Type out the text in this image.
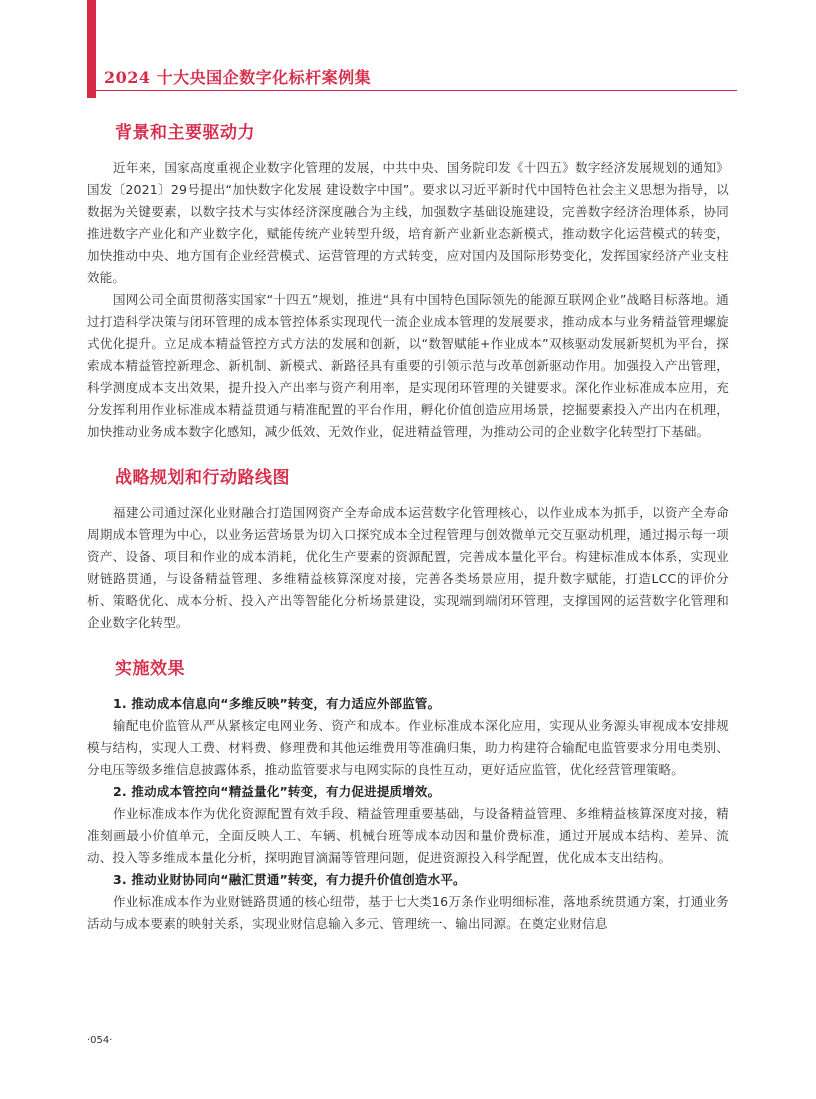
2024 十大央国企数字化标杆案例集
背景和主要驱动力

近年来，国家高度重视企业数字化管理的发展，中共中央、国务院印发《十四五》数字经济发展规划的通知》国发〔2021〕29号提出“加快数字化发展 建设数字中国”。要求以习近平新时代中国特色社会主义思想为指导，以数据为关键要素，以数字技术与实体经济深度融合为主线，加强数字基础设施建设，完善数字经济治理体系，协同推进数字产业化和产业数字化，赋能传统产业转型升级，培育新产业新业态新模式，推动数字化运营模式的转变，加快推动中央、地方国有企业经营模式、运营管理的方式转变，应对国内及国际形势变化，发挥国家经济产业支柱效能。

国网公司全面贯彻落实国家“十四五”规划，推进“具有中国特色国际领先的能源互联网企业”战略目标落地。通过打造科学决策与闭环管理的成本管控体系实现现代一流企业成本管理的发展要求，推动成本与业务精益管理螺旋式优化提升。立足成本精益管控方式方法的发展和创新，以“数智赋能+作业成本”双核驱动发展新契机为平台，探索成本精益管控新理念、新机制、新模式、新路径具有重要的引领示范与改革创新驱动作用。加强投入产出管理，科学测度成本支出效果，提升投入产出率与资产利用率，是实现闭环管理的关键要求。深化作业标准成本应用，充分发挥利用作业标准成本精益贯通与精准配置的平台作用，孵化价值创造应用场景，挖掘要素投入产出内在机理，加快推动业务成本数字化感知，减少低效、无效作业，促进精益管理，为推动公司的企业数字化转型打下基础。

战略规划和行动路线图

福建公司通过深化业财融合打造国网资产全寿命成本运营数字化管理核心，以作业成本为抓手，以资产全寿命周期成本管理为中心，以业务运营场景为切入口探究成本全过程管理与创效微单元交互驱动机理，通过揭示每一项资产、设备、项目和作业的成本消耗，优化生产要素的资源配置，完善成本量化平台。构建标准成本体系，实现业财链路贯通，与设备精益管理、多维精益核算深度对接，完善各类场景应用，提升数字赋能，打造LCC的评价分析、策略优化、成本分析、投入产出等智能化分析场景建设，实现端到端闭环管理，支撑国网的运营数字化管理和企业数字化转型。

实施效果

1. 推动成本信息向“多维反映”转变，有力适应外部监管。

输配电价监管从严从紧核定电网业务、资产和成本。作业标准成本深化应用，实现从业务源头审视成本安排规模与结构，实现人工费、材料费、修理费和其他运维费用等准确归集，助力构建符合输配电监管要求分用电类别、分电压等级多维信息披露体系，推动监管要求与电网实际的良性互动，更好适应监管，优化经营管理策略。

2. 推动成本管控向“精益量化”转变，有力促进提质增效。

作业标准成本作为优化资源配置有效手段、精益管理重要基础，与设备精益管理、多维精益核算深度对接，精准刻画最小价值单元，全面反映人工、车辆、机械台班等成本动因和量价费标准，通过开展成本结构、差异、流动、投入等多维成本量化分析，探明跑冒滴漏等管理问题，促进资源投入科学配置，优化成本支出结构。

3. 推动业财协同向“融汇贯通”转变，有力提升价值创造水平。

作业标准成本作为业财链路贯通的核心纽带，基于七大类16万条作业明细标准，落地系统贯通方案，打通业务活动与成本要素的映射关系，实现业财信息输入多元、管理统一、输出同源。在奠定业财信息

·054·
